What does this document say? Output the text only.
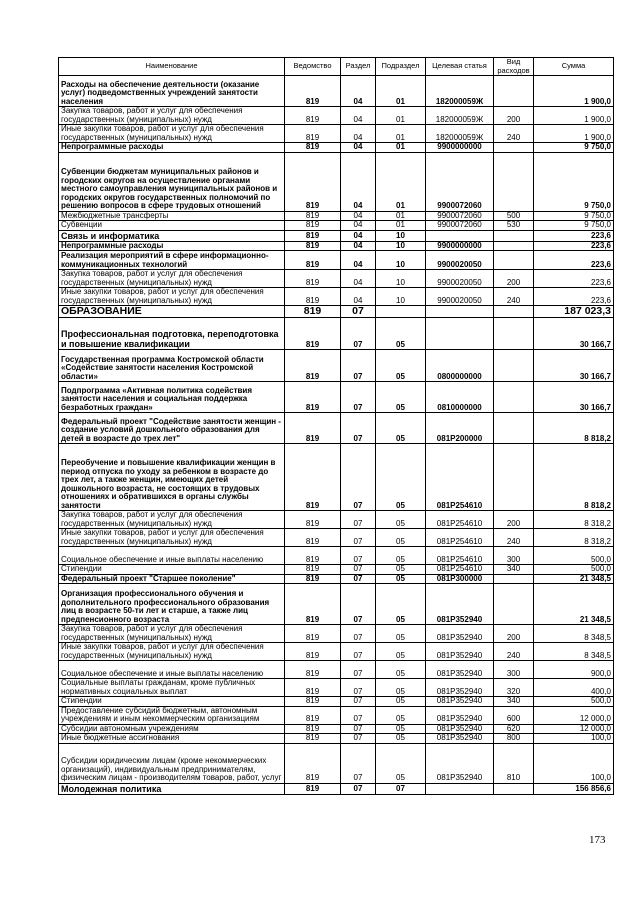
Наименование	Ведомство	Раздел	Подраздел	Целевая статья	Вид расходов	Сумма
Расходы на обеспечение деятельности (оказание услуг) подведомственных учреждений занятости населения	819	04	01	182000059Ж		1 900,0
Закупка товаров, работ и услуг для обеспечения государственных (муниципальных) нужд	819	04	01	182000059Ж	200	1 900,0
Иные закупки товаров, работ и услуг для обеспечения государственных (муниципальных) нужд	819	04	01	182000059Ж	240	1 900,0
Непрограммные расходы	819	04	01	9900000000		9 750,0
Субвенции бюджетам муниципальных районов и городских округов на осуществление органами местного самоуправления муниципальных районов и городских округов государственных полномочий по решению вопросов в сфере трудовых отношений	819	04	01	9900072060		9 750,0
Межбюджетные трансферты	819	04	01	9900072060	500	9 750,0
Субвенции	819	04	01	9900072060	530	9 750,0
Связь и информатика	819	04	10			223,6
Непрограммные расходы	819	04	10	9900000000		223,6
Реализация мероприятий в сфере информационно-коммуникационных технологий	819	04	10	9900020050		223,6
Закупка товаров, работ и услуг для обеспечения государственных (муниципальных) нужд	819	04	10	9900020050	200	223,6
Иные закупки товаров, работ и услуг для обеспечения государственных (муниципальных) нужд	819	04	10	9900020050	240	223,6
ОБРАЗОВАНИЕ	819	07				187 023,3
Профессиональная подготовка, переподготовка и повышение квалификации	819	07	05			30 166,7
Государственная программа Костромской области «Содействие занятости населения Костромской области»	819	07	05	0800000000		30 166,7
Подпрограмма «Активная политика содействия занятости населения и социальная поддержка безработных граждан»	819	07	05	0810000000		30 166,7
Федеральный проект "Содействие занятости женщин - создание условий дошкольного образования для детей в возрасте до трех лет"	819	07	05	081P200000		8 818,2
Переобучение и повышение квалификации женщин в период отпуска по уходу за ребенком в возрасте до трех лет, а также женщин, имеющих детей дошкольного возраста, не состоящих в трудовых отношениях и обратившихся в органы службы занятости	819	07	05	081P254610		8 818,2
Закупка товаров, работ и услуг для обеспечения государственных (муниципальных) нужд	819	07	05	081P254610	200	8 318,2
Иные закупки товаров, работ и услуг для обеспечения государственных (муниципальных) нужд	819	07	05	081P254610	240	8 318,2
Социальное обеспечение и иные выплаты населению	819	07	05	081P254610	300	500,0
Стипендии	819	07	05	081P254610	340	500,0
Федеральный проект "Старшее поколение"	819	07	05	081P300000		21 348,5
Организация профессионального обучения и дополнительного профессионального образования лиц в возрасте 50-ти лет и старше, а также лиц предпенсионного возраста	819	07	05	081P352940		21 348,5
Закупка товаров, работ и услуг для обеспечения государственных (муниципальных) нужд	819	07	05	081P352940	200	8 348,5
Иные закупки товаров, работ и услуг для обеспечения государственных (муниципальных) нужд	819	07	05	081P352940	240	8 348,5
Социальное обеспечение и иные выплаты населению	819	07	05	081P352940	300	900,0
Социальные выплаты гражданам, кроме публичных нормативных социальных выплат	819	07	05	081P352940	320	400,0
Стипендии	819	07	05	081P352940	340	500,0
Предоставление субсидий бюджетным, автономным учреждениям и иным некоммерческим организациям	819	07	05	081P352940	600	12 000,0
Субсидии автономным учреждениям	819	07	05	081P352940	620	12 000,0
Иные бюджетные ассигнования	819	07	05	081P352940	800	100,0
Субсидии юридическим лицам (кроме некоммерческих организаций), индивидуальным предпринимателям, физическим лицам - производителям товаров, работ, услуг	819	07	05	081P352940	810	100,0
Молодежная политика	819	07	07			156 856,6
173
